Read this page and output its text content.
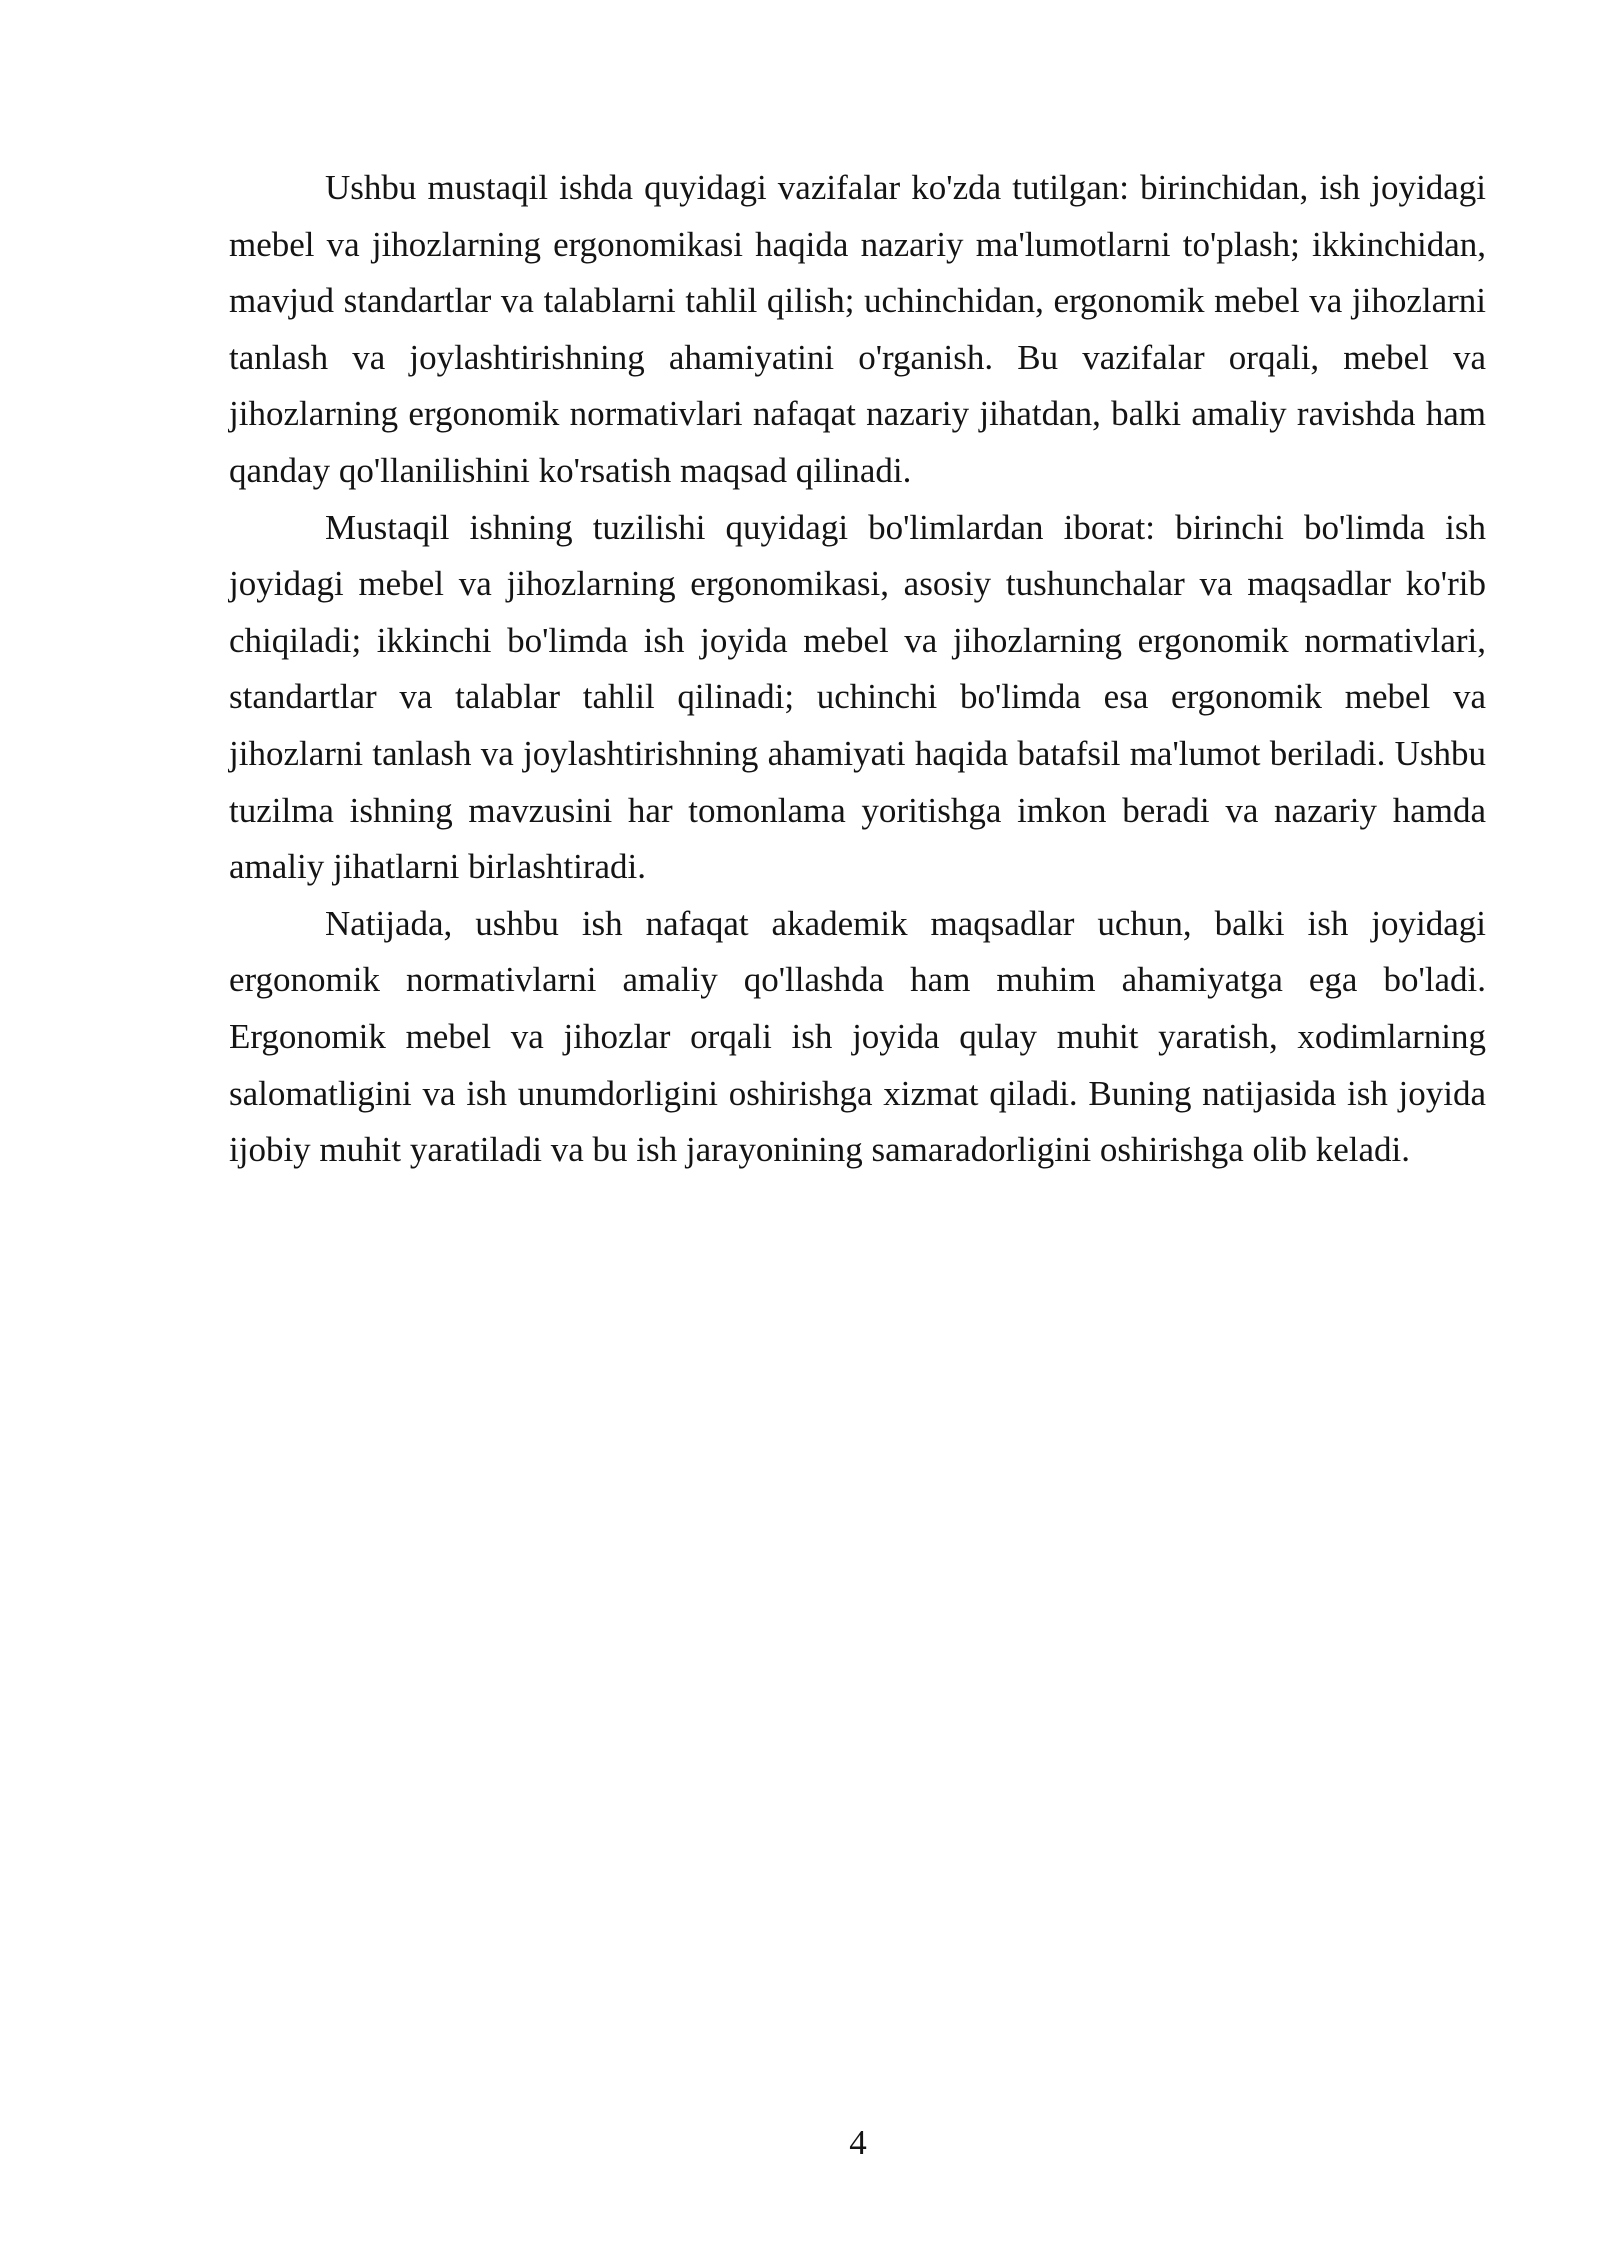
Ushbu mustaqil ishda quyidagi vazifalar ko'zda tutilgan: birinchidan, ish joyidagi mebel va jihozlarning ergonomikasi haqida nazariy ma'lumotlarni to'plash; ikkinchidan, mavjud standartlar va talablarni tahlil qilish; uchinchidan, ergonomik mebel va jihozlarni tanlash va joylashtirishning ahamiyatini o'rganish. Bu vazifalar orqali, mebel va jihozlarning ergonomik normativlari nafaqat nazariy jihatdan, balki amaliy ravishda ham qanday qo'llanilishini ko'rsatish maqsad qilinadi.

Mustaqil ishning tuzilishi quyidagi bo'limlardan iborat: birinchi bo'limda ish joyidagi mebel va jihozlarning ergonomikasi, asosiy tushunchalar va maqsadlar ko'rib chiqiladi; ikkinchi bo'limda ish joyida mebel va jihozlarning ergonomik normativlari, standartlar va talablar tahlil qilinadi; uchinchi bo'limda esa ergonomik mebel va jihozlarni tanlash va joylashtirishning ahamiyati haqida batafsil ma'lumot beriladi. Ushbu tuzilma ishning mavzusini har tomonlama yoritishga imkon beradi va nazariy hamda amaliy jihatlarni birlashtiradi.

Natijada, ushbu ish nafaqat akademik maqsadlar uchun, balki ish joyidagi ergonomik normativlarni amaliy qo'llashda ham muhim ahamiyatga ega bo'ladi. Ergonomik mebel va jihozlar orqali ish joyida qulay muhit yaratish, xodimlarning salomatligini va ish unumdorligini oshirishga xizmat qiladi. Buning natijasida ish joyida ijobiy muhit yaratiladi va bu ish jarayonining samaradorligini oshirishga olib keladi.

4
